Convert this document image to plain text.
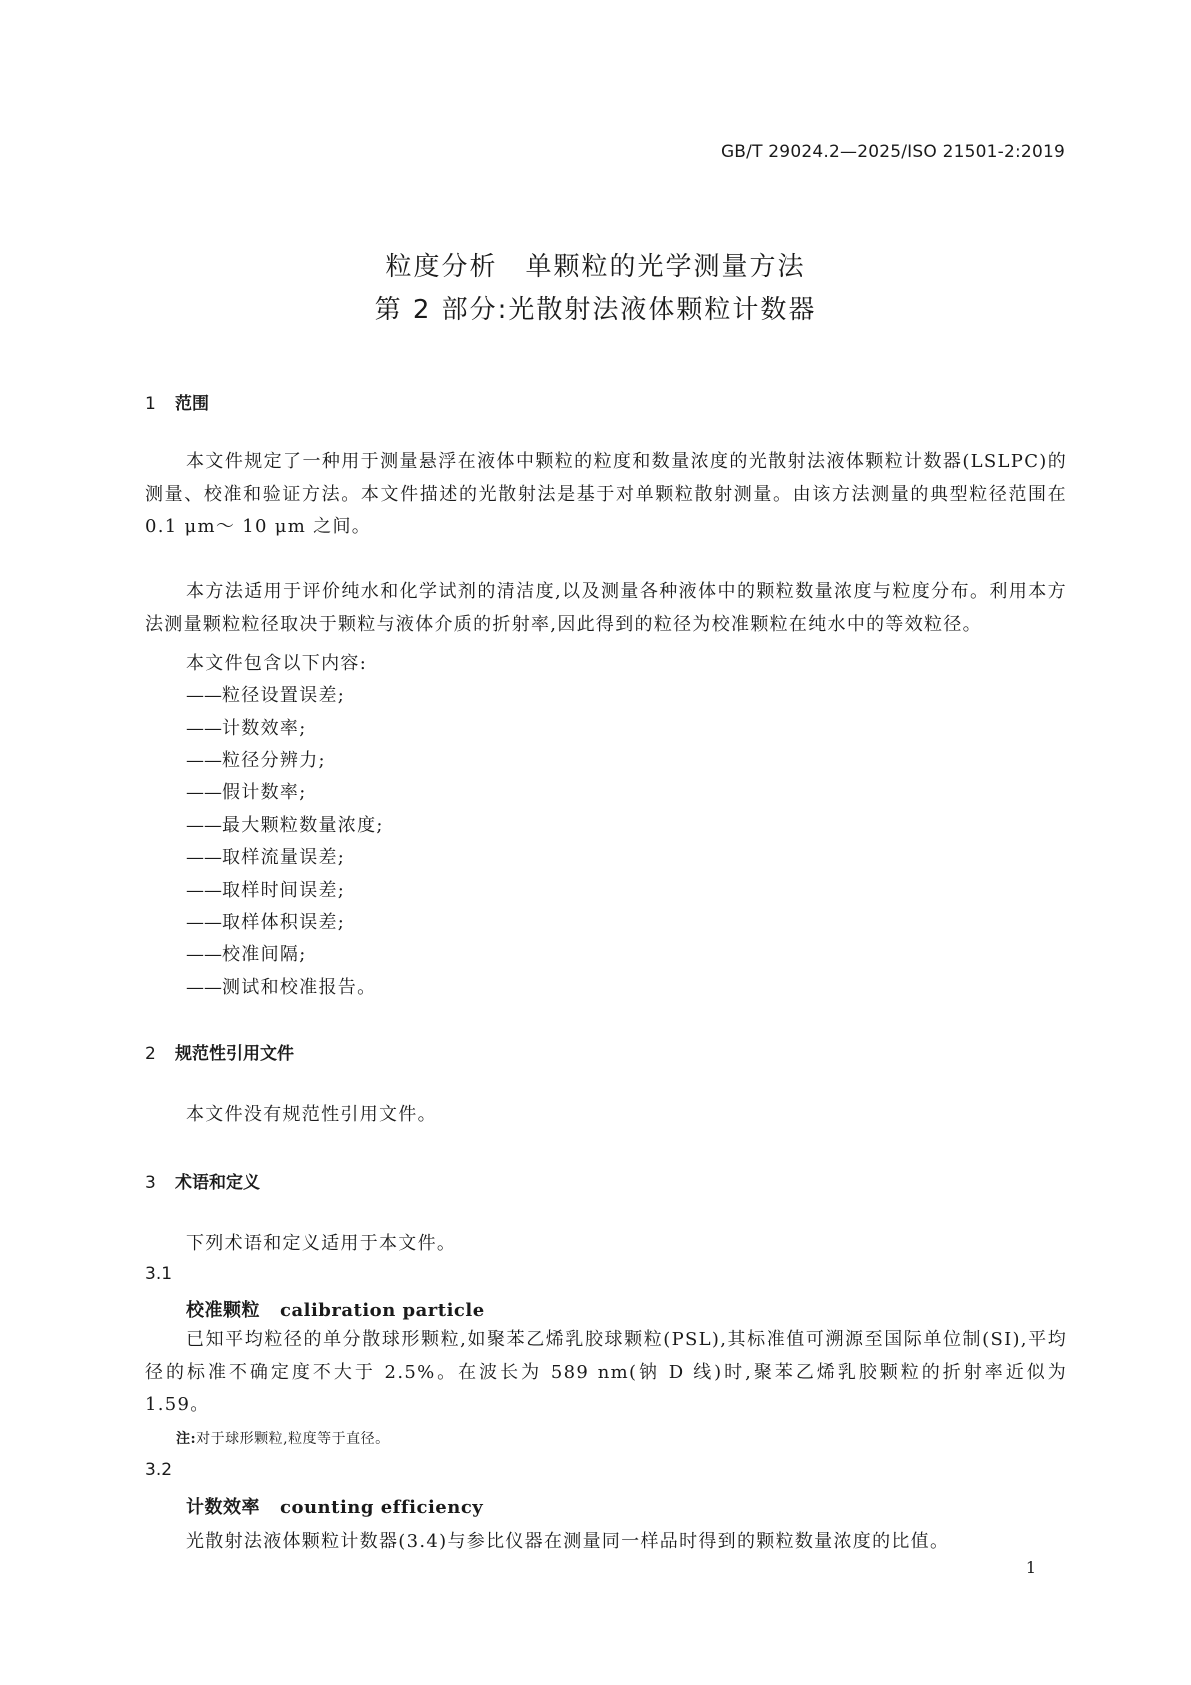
GB/T 29024.2—2025/ISO 21501-2:2019
粒度分析　单颗粒的光学测量方法
第 2 部分:光散射法液体颗粒计数器
1 范围

本文件规定了一种用于测量悬浮在液体中颗粒的粒度和数量浓度的光散射法液体颗粒计数器(LSLPC)的测量、校准和验证方法。本文件描述的光散射法是基于对单颗粒散射测量。由该方法测量的典型粒径范围在 0.1 μm～ 10 μm 之间。

本方法适用于评价纯水和化学试剂的清洁度,以及测量各种液体中的颗粒数量浓度与粒度分布。利用本方法测量颗粒粒径取决于颗粒与液体介质的折射率,因此得到的粒径为校准颗粒在纯水中的等效粒径。

本文件包含以下内容:
——粒径设置误差;
——计数效率;
——粒径分辨力;
——假计数率;
——最大颗粒数量浓度;
——取样流量误差;
——取样时间误差;
——取样体积误差;
——校准间隔;
——测试和校准报告。
2 规范性引用文件
本文件没有规范性引用文件。
3 术语和定义
下列术语和定义适用于本文件。
3.1
校准颗粒 calibration particle

已知平均粒径的单分散球形颗粒,如聚苯乙烯乳胶球颗粒(PSL),其标准值可溯源至国际单位制(SI),平均径的标准不确定度不大于 2.5%。在波长为 589 nm(钠 D 线)时,聚苯乙烯乳胶颗粒的折射率近似为 1.59。

注:对于球形颗粒,粒度等于直径。
3.2
计数效率 counting efficiency
光散射法液体颗粒计数器(3.4)与参比仪器在测量同一样品时得到的颗粒数量浓度的比值。
1
